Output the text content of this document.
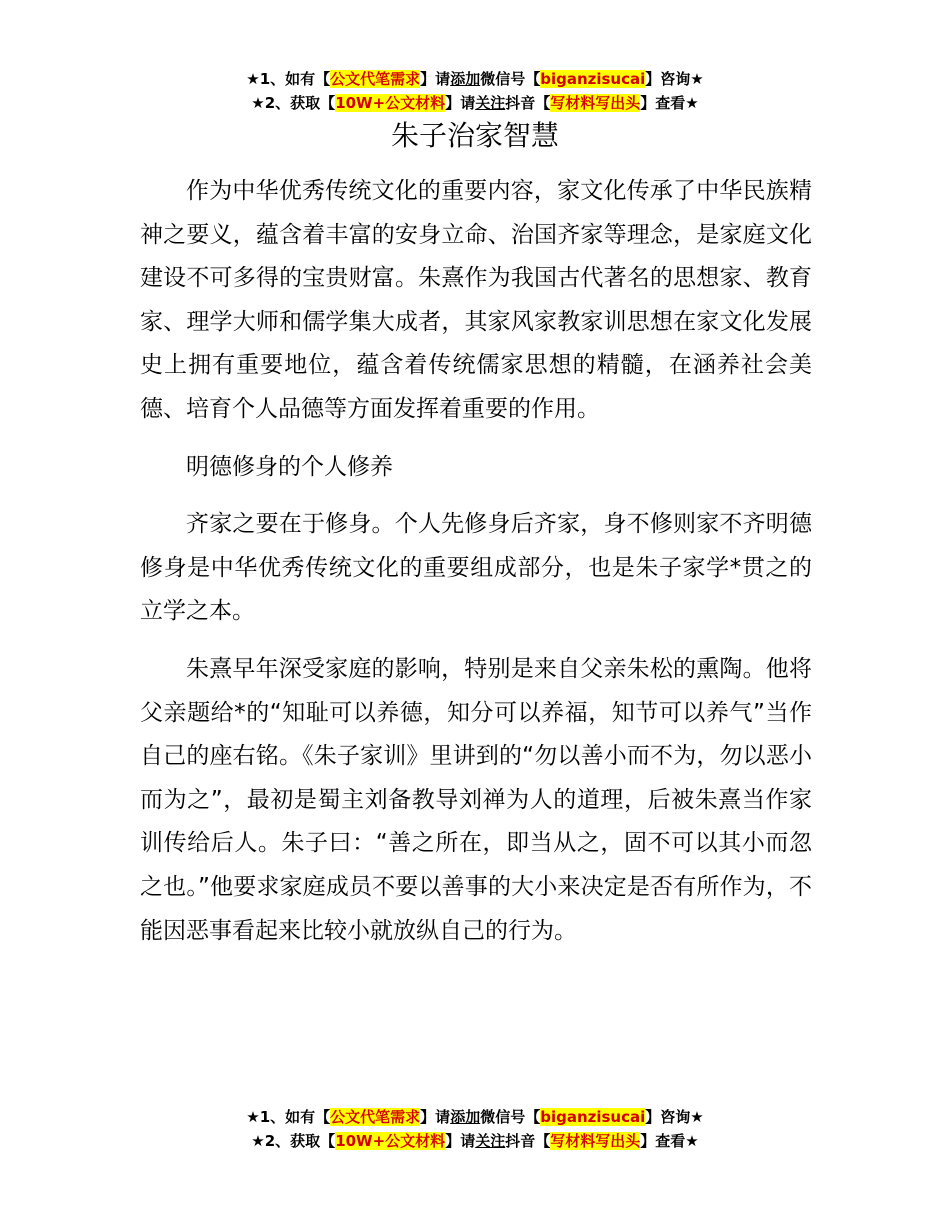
★1、如有【公文代笔需求】请添加微信号【biganzisucai】咨询★
★2、获取【10W+公文材料】请关注抖音【写材料写出头】查看★
朱子治家智慧

作为中华优秀传统文化的重要内容，家文化传承了中华民族精神之要义，蕴含着丰富的安身立命、治国齐家等理念，是家庭文化建设不可多得的宝贵财富。朱熹作为我国古代著名的思想家、教育家、理学大师和儒学集大成者，其家风家教家训思想在家文化发展史上拥有重要地位，蕴含着传统儒家思想的精髓，在涵养社会美德、培育个人品德等方面发挥着重要的作用。

明德修身的个人修养

齐家之要在于修身。个人先修身后齐家，身不修则家不齐明德修身是中华优秀传统文化的重要组成部分，也是朱子家学*贯之的立学之本。

朱熹早年深受家庭的影响，特别是来自父亲朱松的熏陶。他将父亲题给*的“知耻可以养德，知分可以养福，知节可以养气”当作自己的座右铭。《朱子家训》里讲到的“勿以善小而不为，勿以恶小而为之”，最初是蜀主刘备教导刘禅为人的道理，后被朱熹当作家训传给后人。朱子曰：“善之所在，即当从之，固不可以其小而忽之也。”他要求家庭成员不要以善事的大小来决定是否有所作为，不能因恶事看起来比较小就放纵自己的行为。

★1、如有【公文代笔需求】请添加微信号【biganzisucai】咨询★
★2、获取【10W+公文材料】请关注抖音【写材料写出头】查看★
